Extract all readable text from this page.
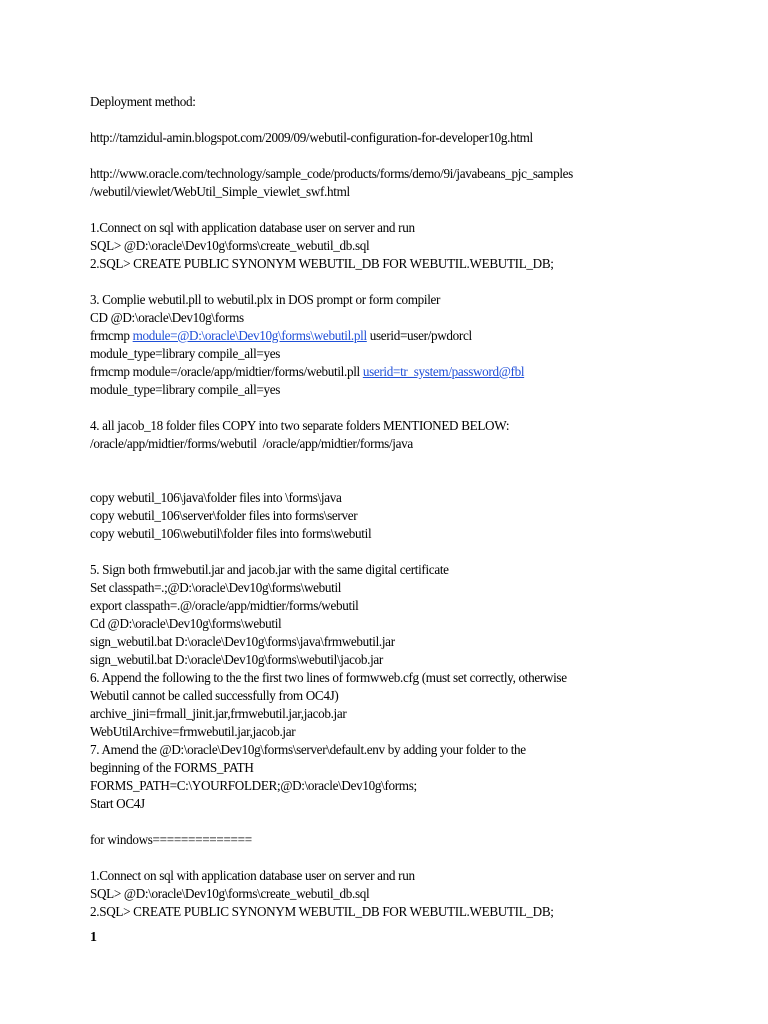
Deployment method:
http://tamzidul-amin.blogspot.com/2009/09/webutil-configuration-for-developer10g.html
http://www.oracle.com/technology/sample_code/products/forms/demo/9i/javabeans_pjc_samples
/webutil/viewlet/WebUtil_Simple_viewlet_swf.html
1.Connect on sql with application database user on server and run
SQL> @D:\oracle\Dev10g\forms\create_webutil_db.sql
2.SQL> CREATE PUBLIC SYNONYM WEBUTIL_DB FOR WEBUTIL.WEBUTIL_DB;
3. Complie webutil.pll to webutil.plx in DOS prompt or form compiler
CD @D:\oracle\Dev10g\forms
frmcmp module=@D:\oracle\Dev10g\forms\webutil.pll userid=user/pwdorcl
module_type=library compile_all=yes
frmcmp module=/oracle/app/midtier/forms/webutil.pll userid=tr_system/password@fbl
module_type=library compile_all=yes
4. all jacob_18 folder files COPY into two separate folders MENTIONED BELOW:
/oracle/app/midtier/forms/webutil  /oracle/app/midtier/forms/java
copy webutil_106\java\folder files into \forms\java
copy webutil_106\server\folder files into forms\server
copy webutil_106\webutil\folder files into forms\webutil
5. Sign both frmwebutil.jar and jacob.jar with the same digital certificate
Set classpath=.;@D:\oracle\Dev10g\forms\webutil
export classpath=.@/oracle/app/midtier/forms/webutil
Cd @D:\oracle\Dev10g\forms\webutil
sign_webutil.bat D:\oracle\Dev10g\forms\java\frmwebutil.jar
sign_webutil.bat D:\oracle\Dev10g\forms\webutil\jacob.jar
6. Append the following to the the first two lines of formwweb.cfg (must set correctly, otherwise
Webutil cannot be called successfully from OC4J)
archive_jini=frmall_jinit.jar,frmwebutil.jar,jacob.jar
WebUtilArchive=frmwebutil.jar,jacob.jar
7. Amend the @D:\oracle\Dev10g\forms\server\default.env by adding your folder to the
beginning of the FORMS_PATH
FORMS_PATH=C:\YOURFOLDER;@D:\oracle\Dev10g\forms;
Start OC4J
for windows==============
1.Connect on sql with application database user on server and run
SQL> @D:\oracle\Dev10g\forms\create_webutil_db.sql
2.SQL> CREATE PUBLIC SYNONYM WEBUTIL_DB FOR WEBUTIL.WEBUTIL_DB;
1
